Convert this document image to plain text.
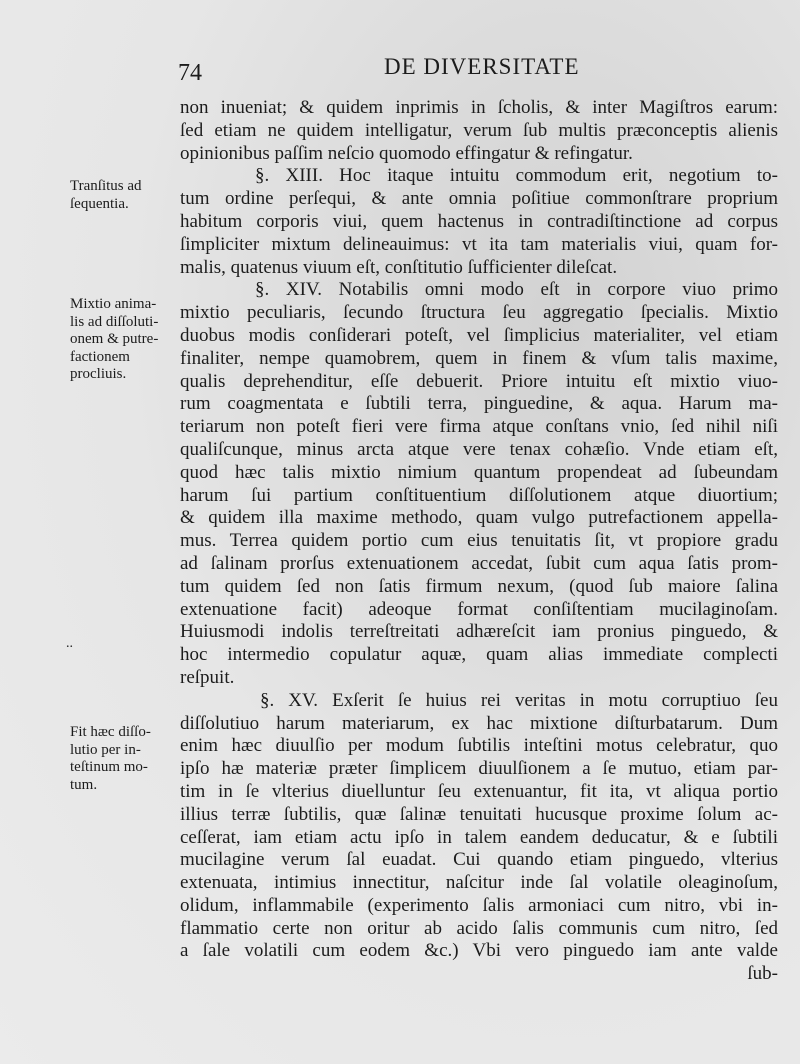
74	DE DIVERSITATE
Tranſitus ad
ſequentia.
Mixtio anima-
lis ad diſſoluti-
onem & putre-
factionem
procliuis.
Fit hæc diſſo-
lutio per in-
teſtinum mo-
tum.
..
non inueniat; & quidem inprimis in ſcholis, & inter Magiſtros earum:
ſed etiam ne quidem intelligatur, verum ſub multis præconceptis alienis
opinionibus paſſim neſcio quomodo effingatur & refingatur.
§. XIII. Hoc itaque intuitu commodum erit, negotium to-
tum ordine perſequi, & ante omnia poſitiue commonſtrare proprium
habitum corporis viui, quem hactenus in contradiſtinctione ad corpus
ſimpliciter mixtum delineauimus: vt ita tam materialis viui, quam for-
malis, quatenus viuum eſt, conſtitutio ſufficienter dileſcat.
§. XIV. Notabilis omni modo eſt in corpore viuo primo
mixtio peculiaris, ſecundo ſtructura ſeu aggregatio ſpecialis. Mixtio
duobus modis conſiderari poteſt, vel ſimplicius materialiter, vel etiam
finaliter, nempe quamobrem, quem in finem & vſum talis maxime,
qualis deprehenditur, eſſe debuerit. Priore intuitu eſt mixtio viuo-
rum coagmentata e ſubtili terra, pinguedine, & aqua. Harum ma-
teriarum non poteſt fieri vere firma atque conſtans vnio, ſed nihil niſi
qualiſcunque, minus arcta atque vere tenax cohæſio. Vnde etiam eſt,
quod hæc talis mixtio nimium quantum propendeat ad ſubeundam
harum ſui partium conſtituentium diſſolutionem atque diuortium;
& quidem illa maxime methodo, quam vulgo putrefactionem appella-
mus. Terrea quidem portio cum eius tenuitatis ſit, vt propiore gradu
ad ſalinam prorſus extenuationem accedat, ſubit cum aqua ſatis prom-
tum quidem ſed non ſatis firmum nexum, (quod ſub maiore ſalina
extenuatione facit) adeoque format conſiſtentiam mucilaginoſam.
Huiusmodi indolis terreſtreitati adhæreſcit iam pronius pinguedo, &
hoc intermedio copulatur aquæ, quam alias immediate complecti
reſpuit.
§. XV. Exſerit ſe huius rei veritas in motu corruptiuo ſeu
diſſolutiuo harum materiarum, ex hac mixtione diſturbatarum. Dum
enim hæc diuulſio per modum ſubtilis inteſtini motus celebratur, quo
ipſo hæ materiæ præter ſimplicem diuulſionem a ſe mutuo, etiam par-
tim in ſe vlterius diuelluntur ſeu extenuantur, fit ita, vt aliqua portio
illius terræ ſubtilis, quæ ſalinæ tenuitati hucusque proxime ſolum ac-
ceſſerat, iam etiam actu ipſo in talem eandem deducatur, & e ſubtili
mucilagine verum ſal euadat. Cui quando etiam pinguedo, vlterius
extenuata, intimius innectitur, naſcitur inde ſal volatile oleaginoſum,
olidum, inflammabile (experimento ſalis armoniaci cum nitro, vbi in-
flammatio certe non oritur ab acido ſalis communis cum nitro, ſed
a ſale volatili cum eodem &c.) Vbi vero pinguedo iam ante valde
ſub-
